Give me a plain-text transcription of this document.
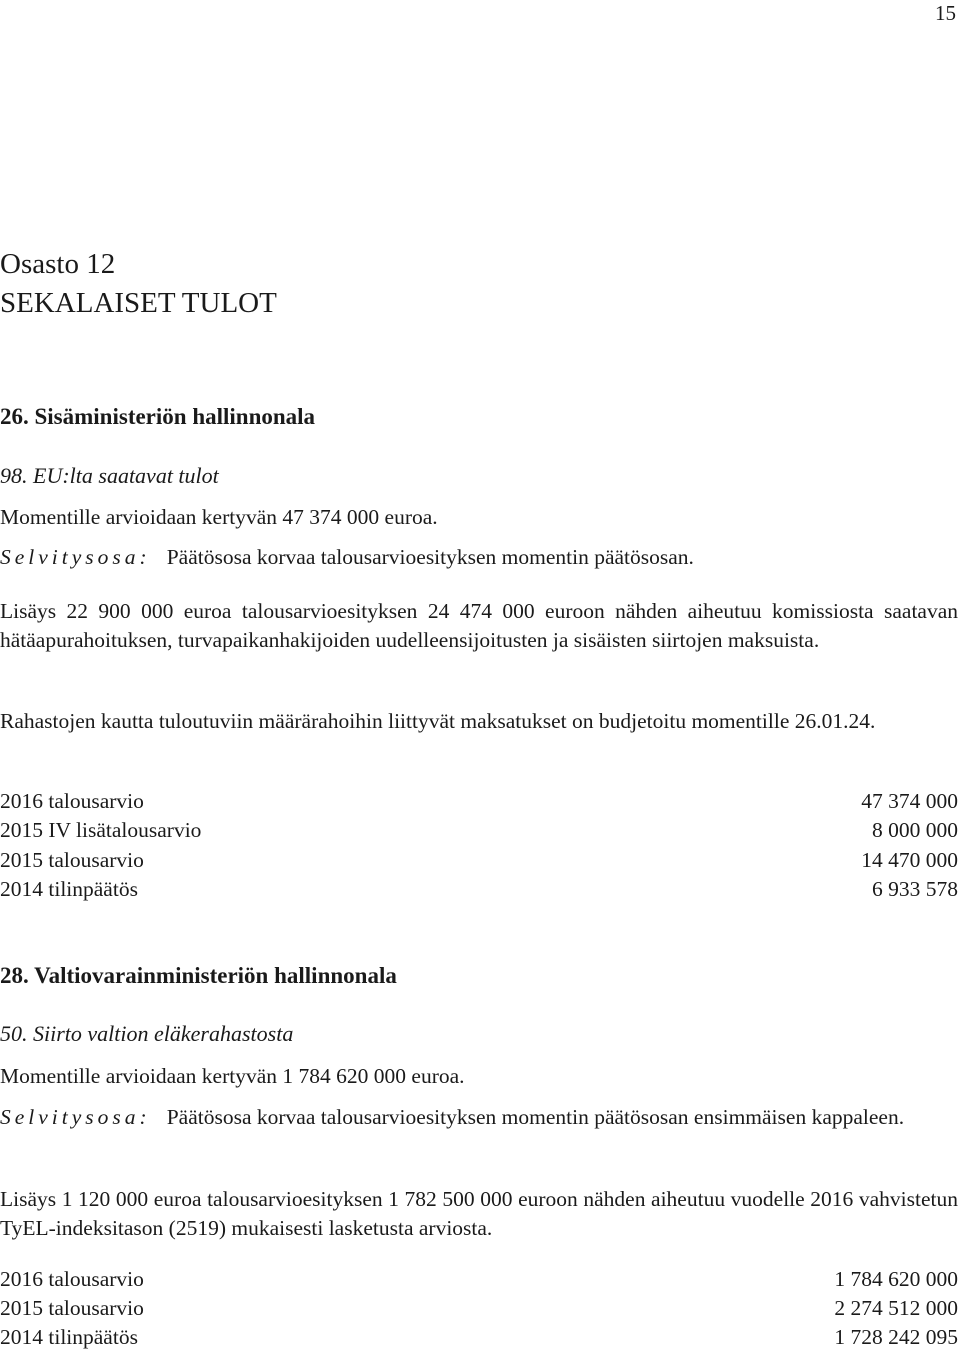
15
Osasto 12
SEKALAISET TULOT
26. Sisäministeriön hallinnonala
98. EU:lta saatavat tulot
Momentille arvioidaan kertyvän 47 374 000 euroa.
Selvitysosa: Päätösosa korvaa talousarvioesityksen momentin päätösosan.
Lisäys 22 900 000 euroa talousarvioesityksen 24 474 000 euroon nähden aiheutuu komissiosta saatavan hätäapurahoituksen, turvapaikanhakijoiden uudelleensijoitusten ja sisäisten siirtojen maksuista.
Rahastojen kautta tuloutuviin määrärahoihin liittyvät maksatukset on budjetoitu momentille 26.01.24.
2016 talousarvio	47 374 000
2015 IV lisätalousarvio	8 000 000
2015 talousarvio	14 470 000
2014 tilinpäätös	6 933 578
28. Valtiovarainministeriön hallinnonala
50. Siirto valtion eläkerahastosta
Momentille arvioidaan kertyvän 1 784 620 000 euroa.
Selvitysosa: Päätösosa korvaa talousarvioesityksen momentin päätösosan ensimmäisen kappaleen.
Lisäys 1 120 000 euroa talousarvioesityksen 1 782 500 000 euroon nähden aiheutuu vuodelle 2016 vahvistetun TyEL-indeksitason (2519) mukaisesti lasketusta arviosta.
2016 talousarvio	1 784 620 000
2015 talousarvio	2 274 512 000
2014 tilinpäätös	1 728 242 095
